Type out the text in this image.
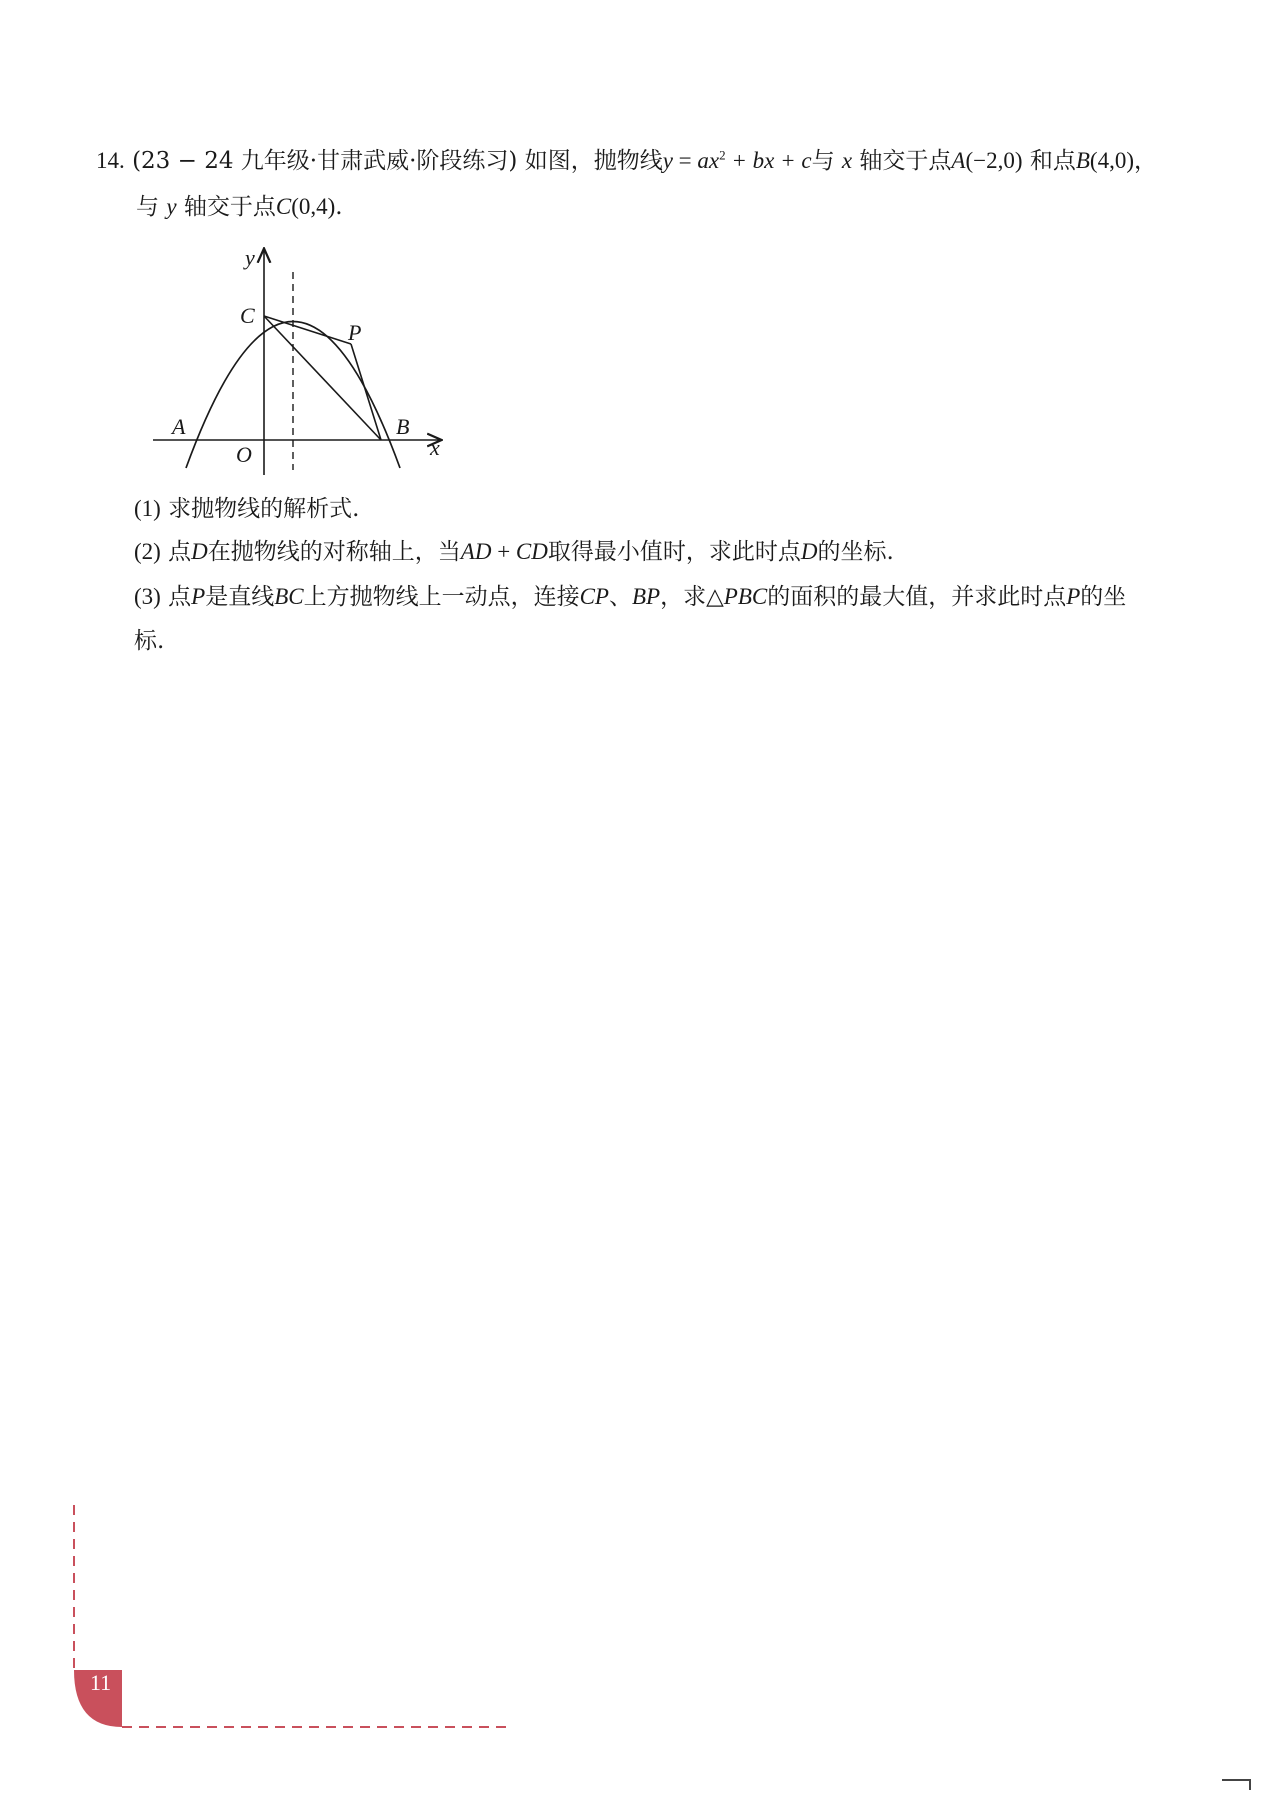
14. (23 − 24 九年级·甘肃武威·阶段练习) 如图，抛物线$y = ax^2$ + bx + c与 x 轴交于点A(−2,0) 和点B(4,0)，
与 y 轴交于点C(0,4).
y
x
C
P
A	B
O
(1) 求抛物线的解析式.
(2) 点D在抛物线的对称轴上，当AD + CD取得最小值时，求此时点D的坐标.
(3) 点P是直线BC上方抛物线上一动点，连接CP、BP，求△PBC的面积的最大值，并求此时点P的坐
标.
11
